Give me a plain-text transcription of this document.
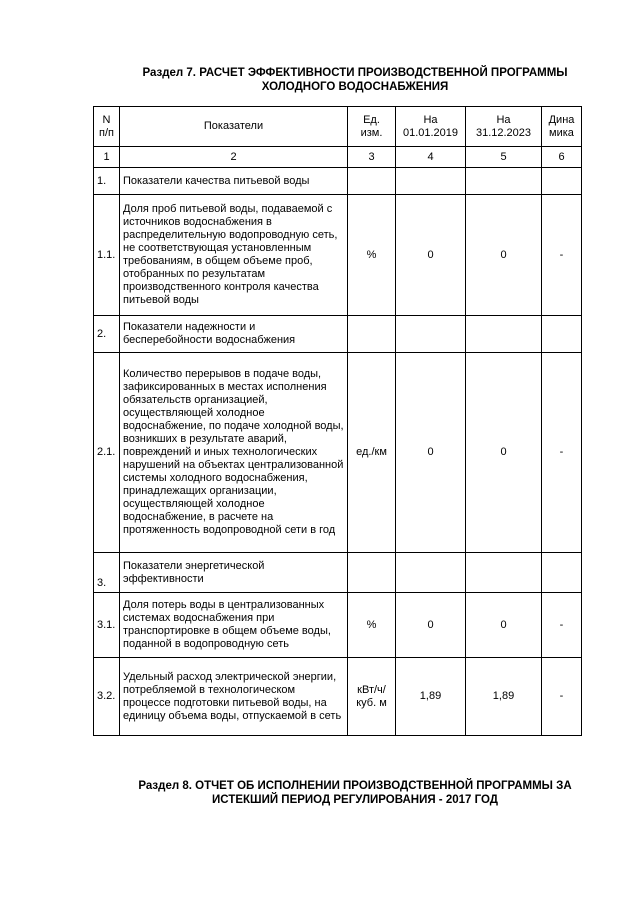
Раздел 7. РАСЧЕТ ЭФФЕКТИВНОСТИ ПРОИЗВОДСТВЕННОЙ ПРОГРАММЫ
ХОЛОДНОГО ВОДОСНАБЖЕНИЯ
N п/п	Показатели	Ед. изм.	На 01.01.2019	На 31.12.2023	Дина мика
1	2	3	4	5	6
1.	Показатели качества питьевой воды				
1.1.	Доля проб питьевой воды, подаваемой с источников водоснабжения в распределительную водопроводную сеть, не соответствующая установленным требованиям, в общем объеме проб, отобранных по результатам производственного контроля качества питьевой воды	%	0	0	-
2.	Показатели надежности и бесперебойности водоснабжения				
2.1.	Количество перерывов в подаче воды, зафиксированных в местах исполнения обязательств организацией, осуществляющей холодное водоснабжение, по подаче холодной воды, возникших в результате аварий, повреждений и иных технологических нарушений на объектах централизованной системы холодного водоснабжения, принадлежащих организации, осуществляющей холодное водоснабжение, в расчете на протяженность водопроводной сети в год	ед./км	0	0	-
3.	Показатели энергетической эффективности				
3.1.	Доля потерь воды в централизованных системах водоснабжения при транспортировке в общем объеме воды, поданной в водопроводную сеть	%	0	0	-
3.2.	Удельный расход электрической энергии, потребляемой в технологическом процессе подготовки питьевой воды, на единицу объема воды, отпускаемой в сеть	кВт/ч/куб. м	1,89	1,89	-
Раздел 8. ОТЧЕТ ОБ ИСПОЛНЕНИИ ПРОИЗВОДСТВЕННОЙ ПРОГРАММЫ ЗА
ИСТЕКШИЙ ПЕРИОД РЕГУЛИРОВАНИЯ - 2017 ГОД
